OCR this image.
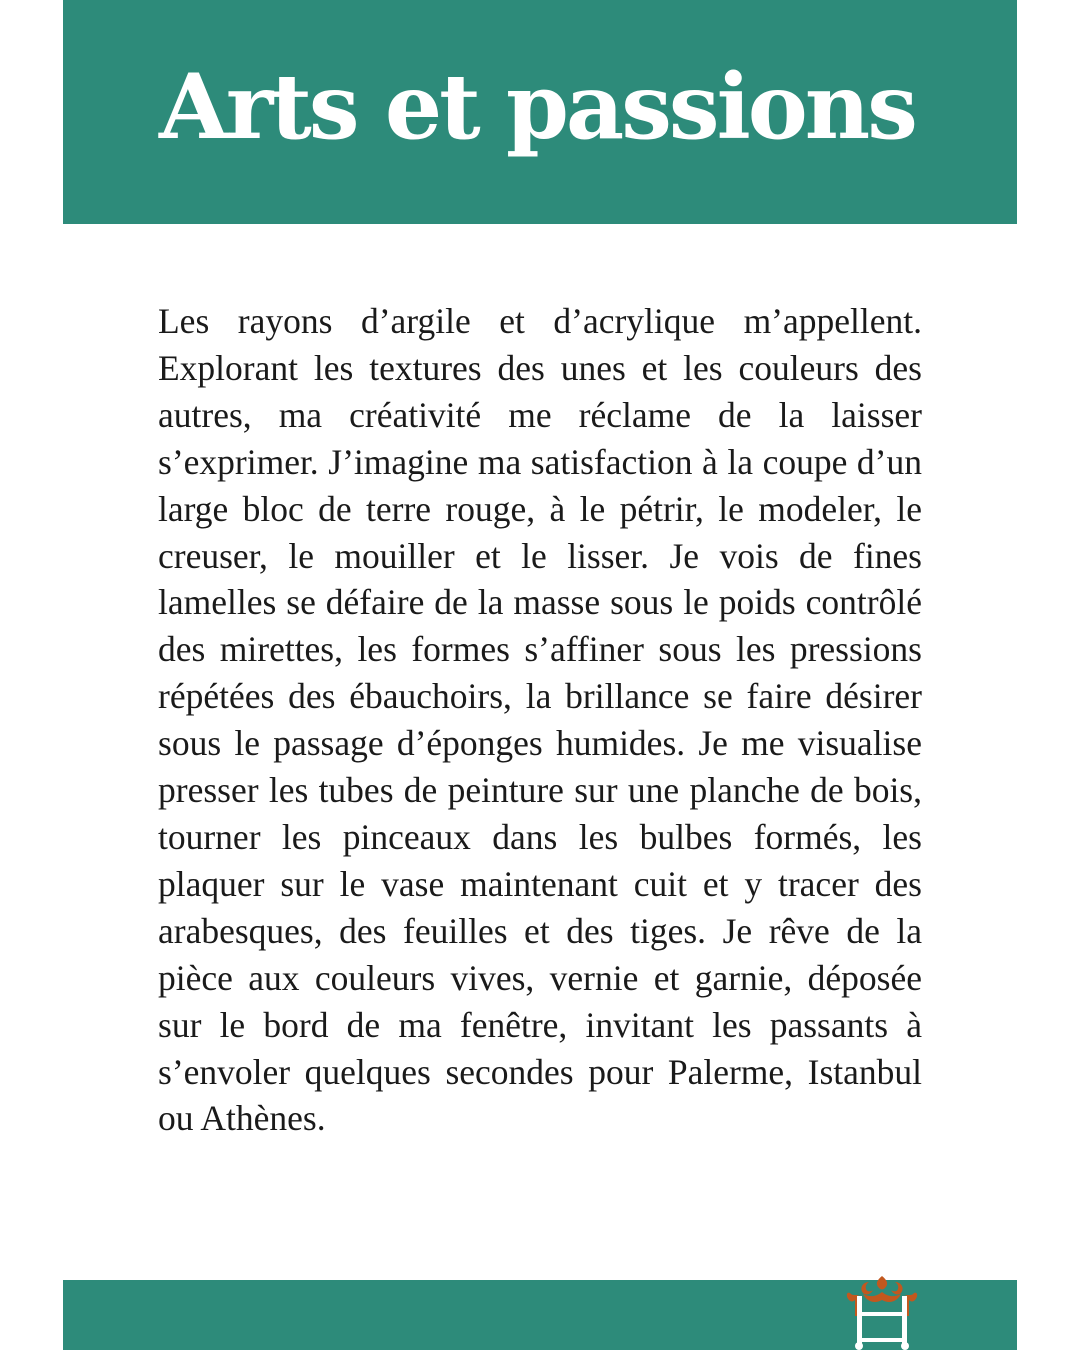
Arts et passions

Les rayons d’argile et d’acrylique m’appellent. Explorant les textures des unes et les couleurs des autres, ma créativité me réclame de la laisser s’exprimer. J’imagine ma satisfaction à la coupe d’un large bloc de terre rouge, à le pétrir, le modeler, le creuser, le mouiller et le lisser. Je vois de fines lamelles se défaire de la masse sous le poids contrôlé des mirettes, les formes s’affiner sous les pressions répétées des ébauchoirs, la brillance se faire désirer sous le passage d’éponges humides. Je me visualise presser les tubes de peinture sur une planche de bois, tourner les pinceaux dans les bulbes formés, les plaquer sur le vase maintenant cuit et y tracer des arabesques, des feuilles et des tiges. Je rêve de la pièce aux couleurs vives, vernie et garnie, déposée sur le bord de ma fenêtre, invitant les passants à s’envoler quelques secondes pour Palerme, Istanbul ou Athènes.
